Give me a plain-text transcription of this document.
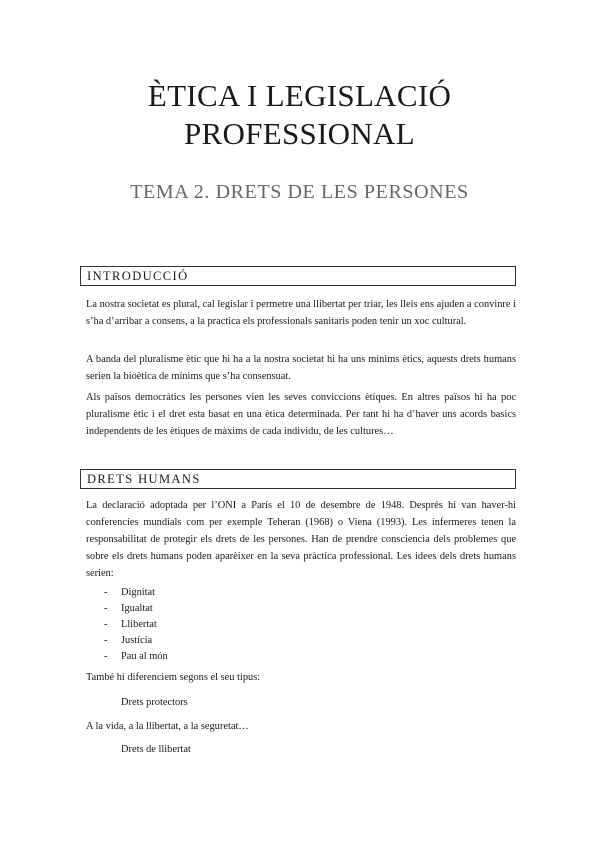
ÈTICA I LEGISLACIÓ
PROFESSIONAL
TEMA 2. DRETS DE LES PERSONES
INTRODUCCIÓ

La nostra societat es plural, cal legislar i permetre una llibertat per triar, les lleis ens ajuden a convinre i s’ha d’arribar a consens, a la practica els professionals sanitaris poden tenir un xoc cultural.

A banda del pluralisme ètic que hi ha a la nostra societat hi ha uns mínims ètics, aquests drets humans serien la bioètica de mínims que s’ha consensuat.

Als països democràtics les persones vien les seves conviccions ètiques. En altres països hi ha poc pluralisme ètic i el dret esta basat en una ètica determinada. Per tant hi ha d’haver uns acords basics independents de les ètiques de màxims de cada individu, de les cultures…

DRETS HUMANS

La declaració adoptada per l’ONI a París el 10 de desembre de 1948. Després hi van haver-hi conferencies mundials com per exemple Teheran (1968) o Viena (1993). Les infermeres tenen la responsabilitat de protegir els drets de les persones. Han de prendre consciencia dels problemes que sobre els drets humans poden aparèixer en la seva pràctica professional. Les idees dels drets humans serien:

- Dignitat
- Igualtat
- Llibertat
- Justícia
- Pau al món

També hi diferenciem segons el seu tipus:

Drets protectors

A la vida, a la llibertat, a la seguretat…

Drets de llibertat
